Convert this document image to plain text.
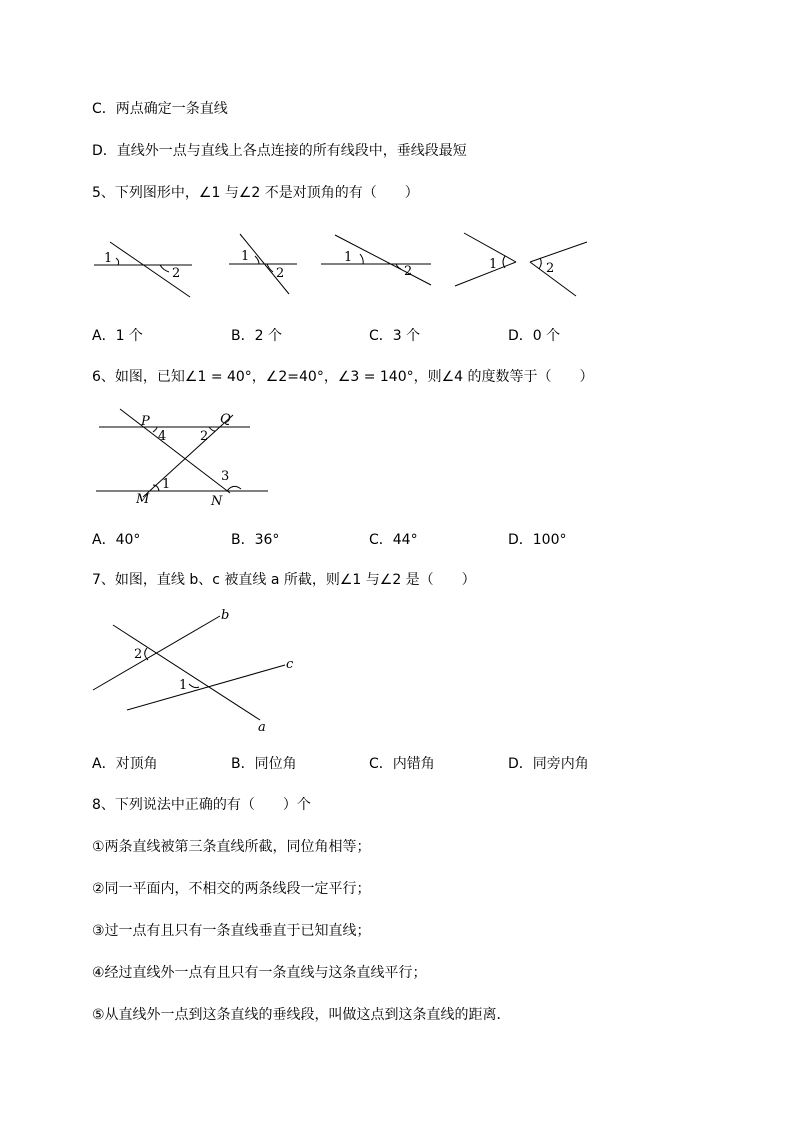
C．两点确定一条直线
D．直线外一点与直线上各点连接的所有线段中，垂线段最短
5、下列图形中，∠1 与∠2 不是对顶角的有（　　）
1
2
1
2
1
2	1	2
A．1 个	B．2 个	C．3 个	D．0 个
6、如图，已知∠1 = 40°，∠2=40°，∠3 = 140°，则∠4 的度数等于（　　）
P	Q
M	N
4	2
1
3
A．40°	B．36°	C．44°	D．100°
7、如图，直线 b、c 被直线 a 所截，则∠1 与∠2 是（　　）
b
c
a
2
1
A．对顶角	B．同位角	C．内错角	D．同旁内角
8、下列说法中正确的有（　　）个
①两条直线被第三条直线所截，同位角相等；
②同一平面内，不相交的两条线段一定平行；
③过一点有且只有一条直线垂直于已知直线；
④经过直线外一点有且只有一条直线与这条直线平行；
⑤从直线外一点到这条直线的垂线段，叫做这点到这条直线的距离．
